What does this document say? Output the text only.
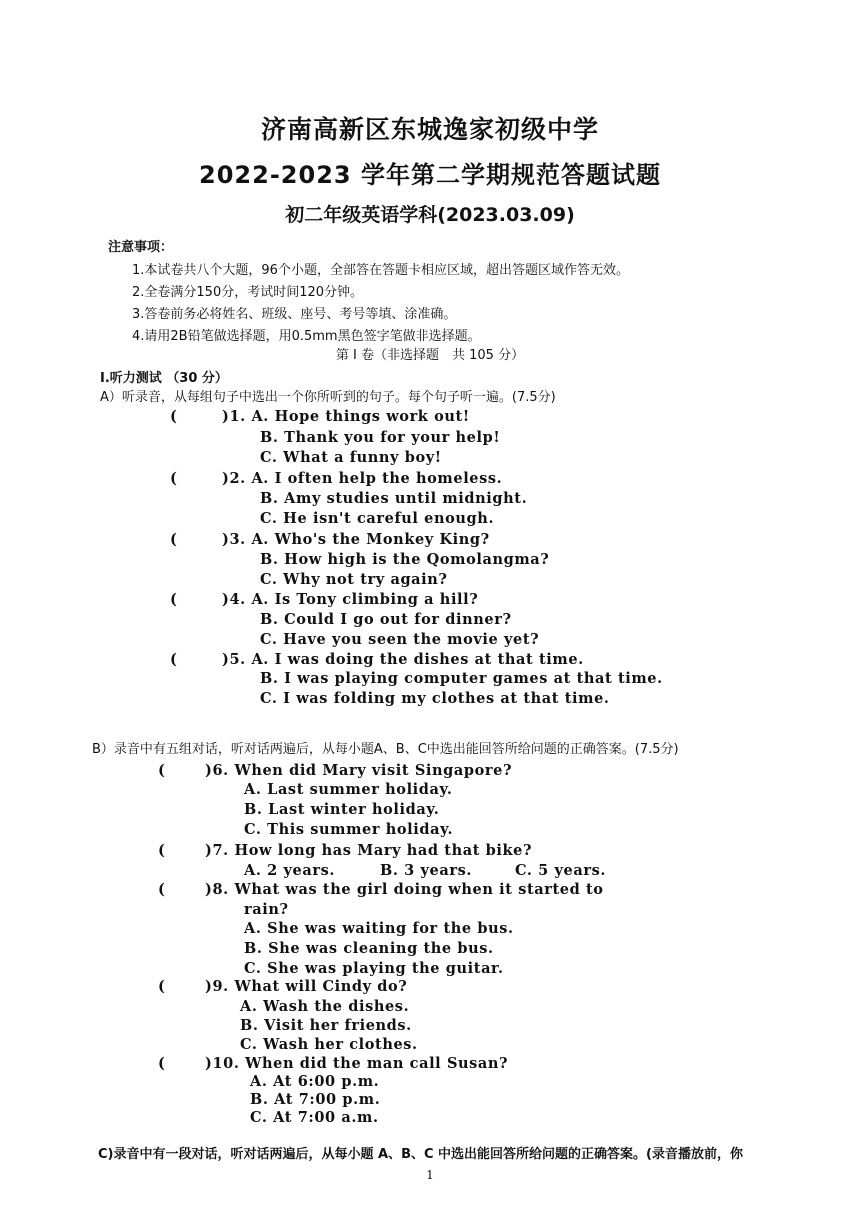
济南高新区东城逸家初级中学
2022-2023 学年第二学期规范答题试题
初二年级英语学科(2023.03.09)
注意事项：
1.本试卷共八个大题，96个小题，全部答在答题卡相应区域，超出答题区域作答无效。
2.全卷满分150分，考试时间120分钟。
3.答卷前务必将姓名、班级、座号、考号等填、涂准确。
4.请用2B铅笔做选择题，用0.5mm黑色签字笔做非选择题。
第 I 卷（非选择题　共 105 分）
I.听力测试 （30 分）
A）听录音，从每组句子中选出一个你所听到的句子。每个句子听一遍。(7.5分)
(	)1. A. Hope things work out!
B. Thank you for your help!
C. What a funny boy!
(	)2. A. I often help the homeless.
B. Amy studies until midnight.
C. He isn't careful enough.
(	)3. A. Who's the Monkey King?
B. How high is the Qomolangma?
C. Why not try again?
(	)4. A. Is Tony climbing a hill?
B. Could I go out for dinner?
C. Have you seen the movie yet?
(	)5. A. I was doing the dishes at that time.
B. I was playing computer games at that time.
C. I was folding my clothes at that time.
B）录音中有五组对话，听对话两遍后，从每小题A、B、C中选出能回答所给问题的正确答案。(7.5分)
(	)6. When did Mary visit Singapore?
A. Last summer holiday.
B. Last winter holiday.
C. This summer holiday.
(	)7. How long has Mary had that bike?
A. 2 years.	B. 3 years.	C. 5 years.
(	)8. What was the girl doing when it started to
rain?
A. She was waiting for the bus.
B. She was cleaning the bus.
C. She was playing the guitar.
(	)9. What will Cindy do?
A. Wash the dishes.
B. Visit her friends.
C. Wash her clothes.
(	)10. When did the man call Susan?
A. At 6:00 p.m.
B. At 7:00 p.m.
C. At 7:00 a.m.
C)录音中有一段对话，听对话两遍后，从每小题 A、B、C 中选出能回答所给问题的正确答案。(录音播放前，你
1
